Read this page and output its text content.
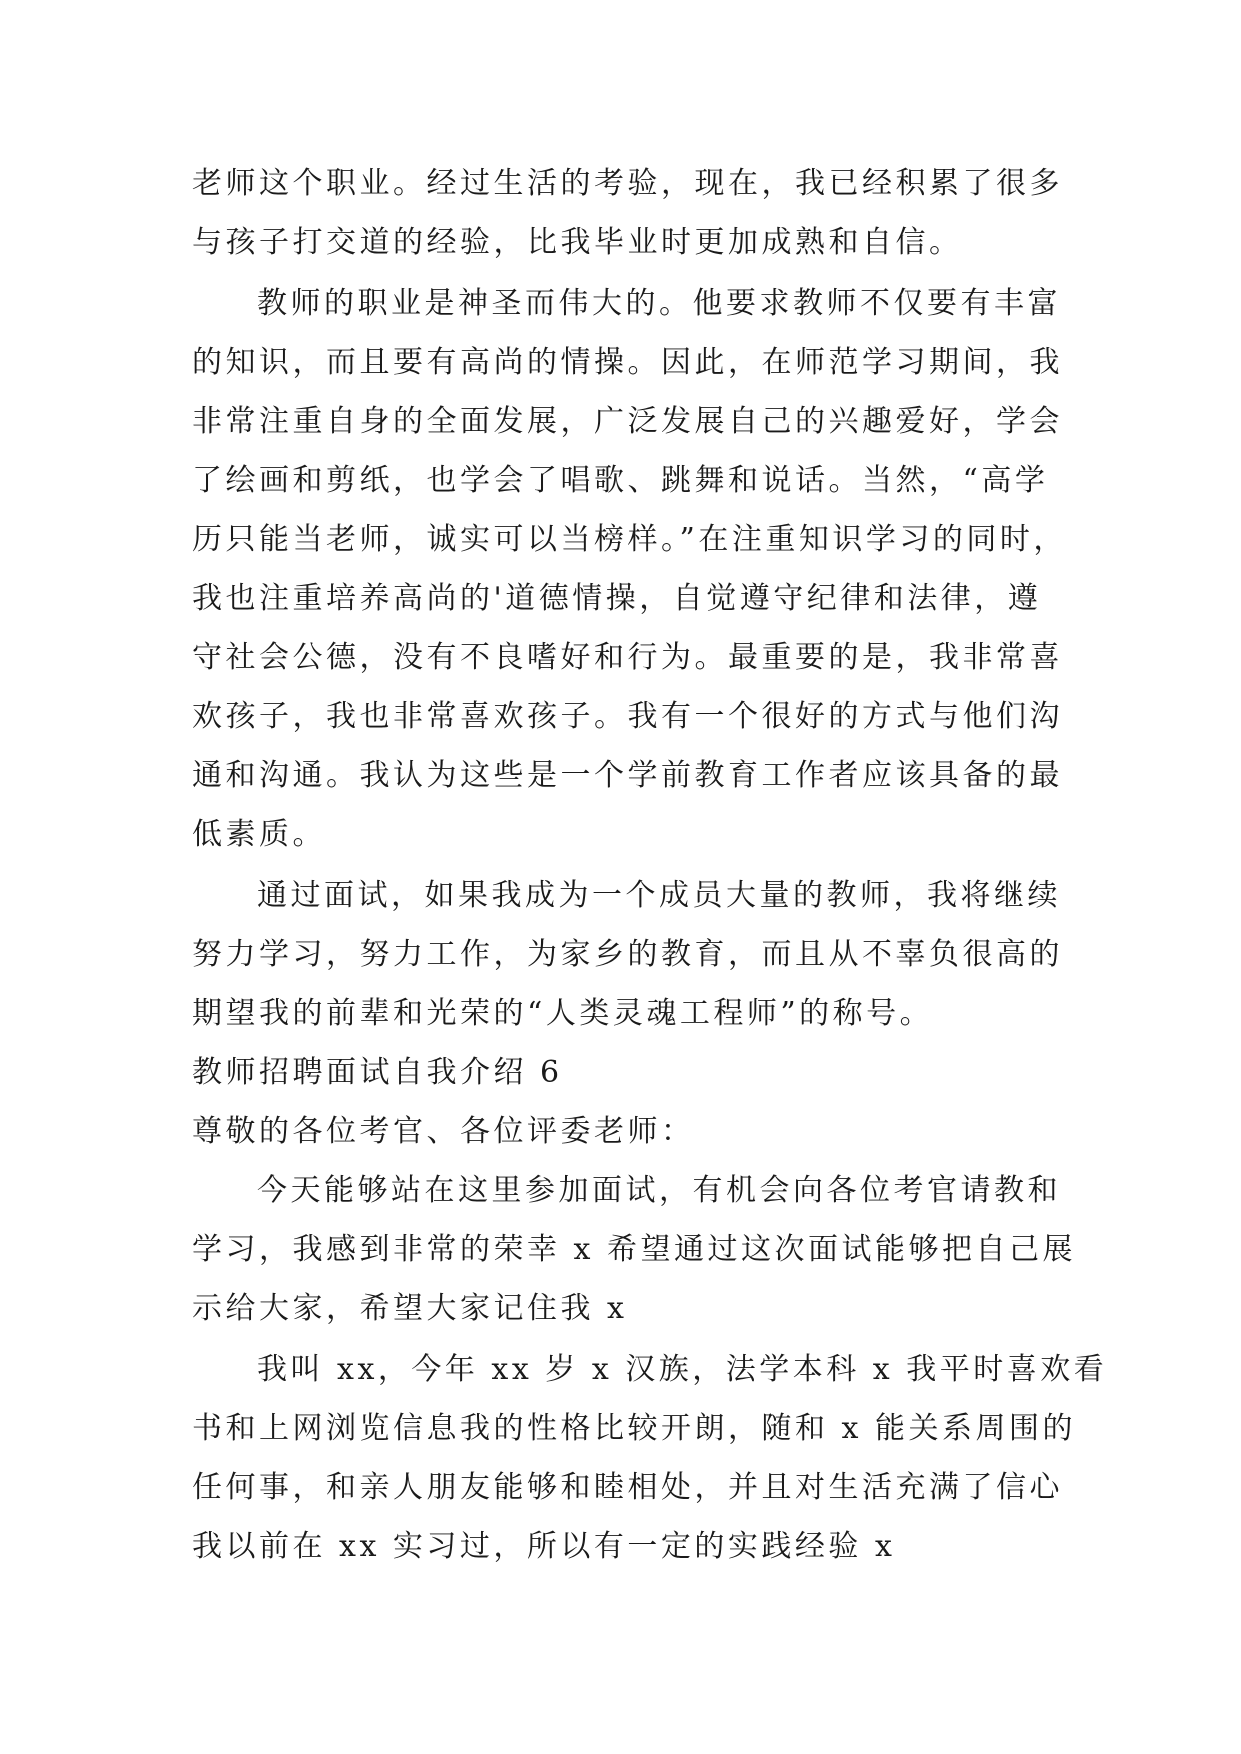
老师这个职业。经过生活的考验，现在，我已经积累了很多
与孩子打交道的经验，比我毕业时更加成熟和自信。
教师的职业是神圣而伟大的。他要求教师不仅要有丰富
的知识，而且要有高尚的情操。因此，在师范学习期间，我
非常注重自身的全面发展，广泛发展自己的兴趣爱好，学会
了绘画和剪纸，也学会了唱歌、跳舞和说话。当然，“高学
历只能当老师，诚实可以当榜样。”在注重知识学习的同时，
我也注重培养高尚的'道德情操，自觉遵守纪律和法律，遵
守社会公德，没有不良嗜好和行为。最重要的是，我非常喜
欢孩子，我也非常喜欢孩子。我有一个很好的方式与他们沟
通和沟通。我认为这些是一个学前教育工作者应该具备的最
低素质。
通过面试，如果我成为一个成员大量的教师，我将继续
努力学习，努力工作，为家乡的教育，而且从不辜负很高的
期望我的前辈和光荣的“人类灵魂工程师”的称号。
教师招聘面试自我介绍 6
尊敬的各位考官、各位评委老师：
今天能够站在这里参加面试，有机会向各位考官请教和
学习，我感到非常的荣幸 x 希望通过这次面试能够把自己展
示给大家，希望大家记住我 x
我叫 xx，今年 xx 岁 x 汉族，法学本科 x 我平时喜欢看
书和上网浏览信息我的性格比较开朗，随和 x 能关系周围的
任何事，和亲人朋友能够和睦相处，并且对生活充满了信心
我以前在 xx 实习过，所以有一定的实践经验 x
